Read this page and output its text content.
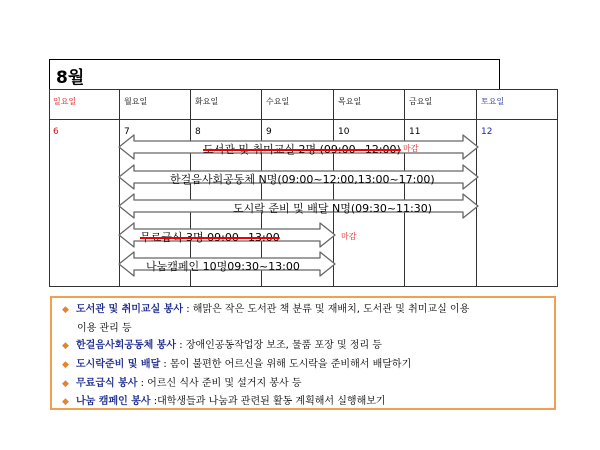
8월
일요일	월요일	화요일	수요일	목요일	금요일	토요일
6	7	8	9	10	11	12
도서관 및 취미교실 2명 (09:00~12:00) 마감
한걸음사회공동체 N명(09:00~12:00,13:00~17:00)
도시락 준비 및 배달 N명(09:30~11:30)
무료급식 3명 09:00~13:00	마감
나눔캠페인 10명09:30~13:00
◆ 도서관 및 취미교실 봉사 : 해맑은 작은 도서관 책 분류 및 재배치, 도서관 및 취미교실 이용
이용 관리 등
◆ 한걸음사회공동체 봉사 : 장애인공동작업장 보조, 물품 포장 및 정리 등
◆ 도시락준비 및 배달 : 몸이 불편한 어르신을 위해 도시락을 준비해서 배달하기
◆ 무료급식 봉사 : 어르신 식사 준비 및 설거지 봉사 등
◆ 나눔 캠페인 봉사 :대학생들과 나눔과 관련된 활동 계획해서 실행해보기
